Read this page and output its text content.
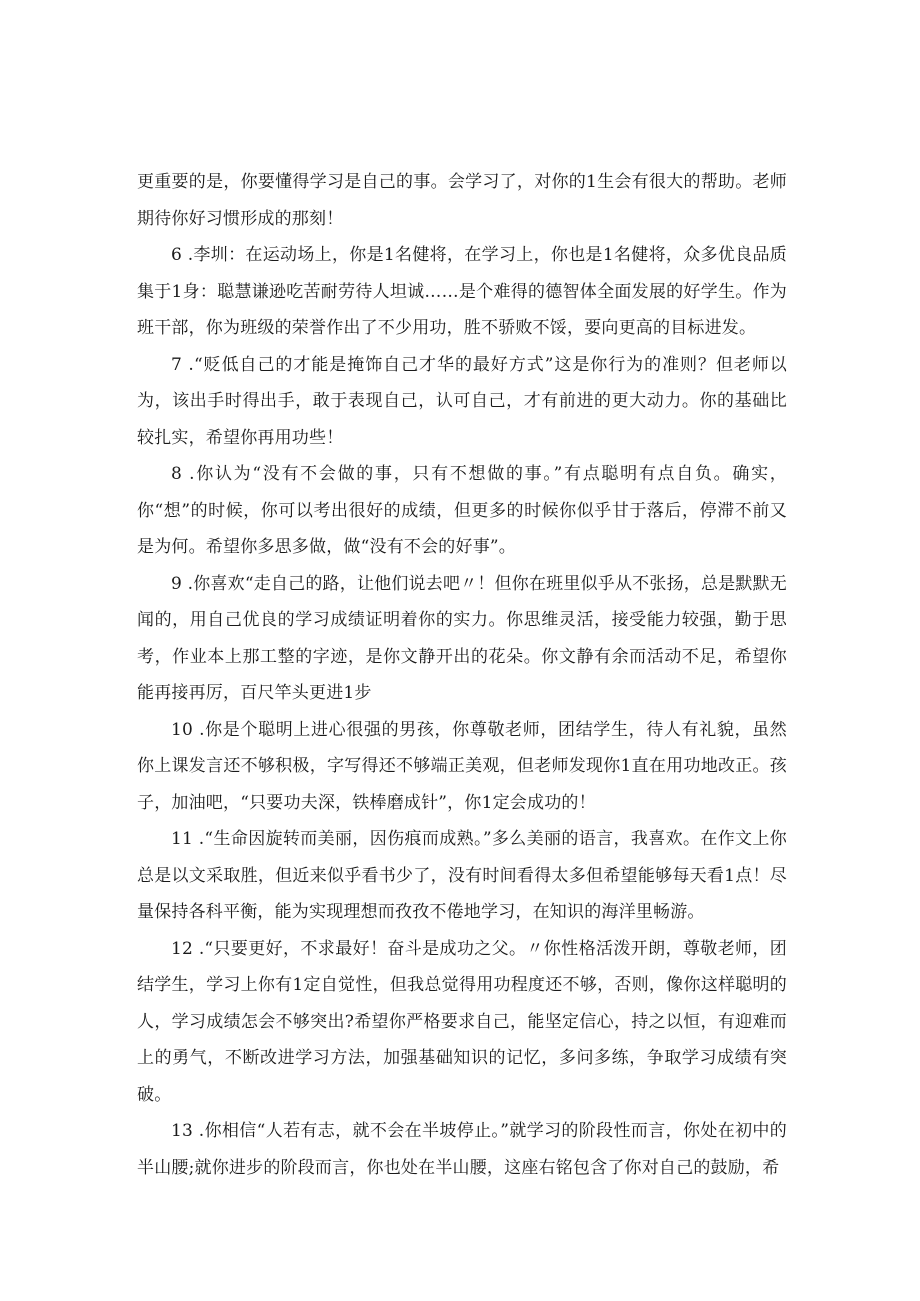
更重要的是，你要懂得学习是自己的事。会学习了，对你的1生会有很大的帮助。老师期待你好习惯形成的那刻！

6 .李圳：在运动场上，你是1名健将，在学习上，你也是1名健将，众多优良品质集于1身：聪慧谦逊吃苦耐劳待人坦诚……是个难得的德智体全面发展的好学生。作为班干部，你为班级的荣誉作出了不少用功，胜不骄败不馁，要向更高的目标进发。

7 .“贬低自己的才能是掩饰自己才华的最好方式”这是你行为的准则？但老师以为，该出手时得出手，敢于表现自己，认可自己，才有前进的更大动力。你的基础比较扎实，希望你再用功些！

8 .你认为“没有不会做的事，只有不想做的事。”有点聪明有点自负。确实，你“想”的时候，你可以考出很好的成绩，但更多的时候你似乎甘于落后，停滞不前又是为何。希望你多思多做，做“没有不会的好事”。

9 .你喜欢“走自己的路，让他们说去吧〃！但你在班里似乎从不张扬，总是默默无闻的，用自己优良的学习成绩证明着你的实力。你思维灵活，接受能力较强，勤于思考，作业本上那工整的字迹，是你文静开出的花朵。你文静有余而活动不足，希望你能再接再厉，百尺竿头更进1步

10 .你是个聪明上进心很强的男孩，你尊敬老师，团结学生，待人有礼貌，虽然你上课发言还不够积极，字写得还不够端正美观，但老师发现你1直在用功地改正。孩子，加油吧，“只要功夫深，铁棒磨成针”，你1定会成功的！

11 .“生命因旋转而美丽，因伤痕而成熟。”多么美丽的语言，我喜欢。在作文上你总是以文采取胜，但近来似乎看书少了，没有时间看得太多但希望能够每天看1点！尽量保持各科平衡，能为实现理想而孜孜不倦地学习，在知识的海洋里畅游。

12 .“只要更好，不求最好！奋斗是成功之父。〃你性格活泼开朗，尊敬老师，团结学生，学习上你有1定自觉性，但我总觉得用功程度还不够，否则，像你这样聪明的人，学习成绩怎会不够突出?希望你严格要求自己，能坚定信心，持之以恒，有迎难而上的勇气，不断改进学习方法，加强基础知识的记忆，多问多练，争取学习成绩有突破。

13 .你相信“人若有志，就不会在半坡停止。”就学习的阶段性而言，你处在初中的半山腰;就你进步的阶段而言，你也处在半山腰，这座右铭包含了你对自己的鼓励，希
